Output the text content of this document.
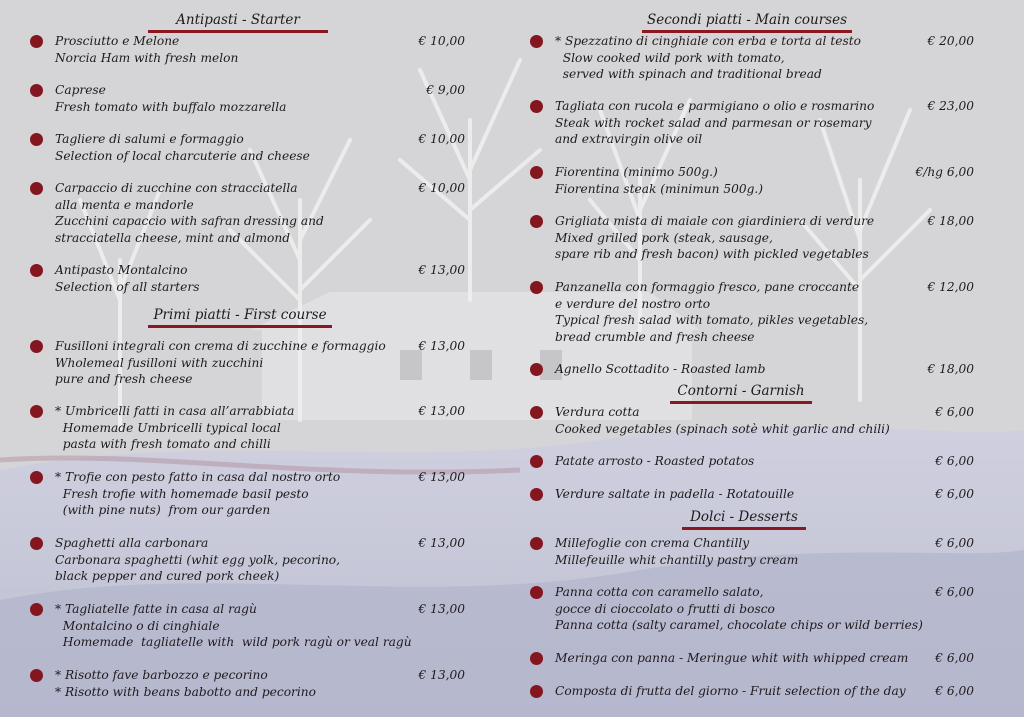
Antipasti - Starter
Prosciutto e Melone
Norcia Ham with fresh melon
€ 10,00
Caprese
Fresh tomato with buffalo mozzarella
€ 9,00
Tagliere di salumi e formaggio
Selection of local charcuterie and cheese
€ 10,00
Carpaccio di zucchine con stracciatella
alla menta e mandorle
Zucchini capaccio with safran dressing and
stracciatella cheese, mint and almond
€ 10,00
Antipasto Montalcino
Selection of all starters
€ 13,00
Primi piatti - First course
Fusilloni integrali con crema di zucchine e formaggio
Wholemeal fusilloni with zucchini
pure and fresh cheese
€ 13,00
* Umbricelli fatti in casa all’arrabbiata
Homemade Umbricelli typical local
pasta with fresh tomato and chilli
€ 13,00
* Trofie con pesto fatto in casa dal nostro orto
Fresh trofie with homemade basil pesto
(with pine nuts)  from our garden
€ 13,00
Spaghetti alla carbonara
Carbonara spaghetti (whit egg yolk, pecorino,
black pepper and cured pork cheek)
€ 13,00
* Tagliatelle fatte in casa al ragù
Montalcino o di cinghiale
Homemade  tagliatelle with  wild pork ragù or veal ragù
€ 13,00
* Risotto fave barbozzo e pecorino
* Risotto with beans babotto and pecorino
€ 13,00
Secondi piatti - Main courses
* Spezzatino di cinghiale con erba e torta al testo
Slow cooked wild pork with tomato,
served with spinach and traditional bread
€ 20,00
Tagliata con rucola e parmigiano o olio e rosmarino
Steak with rocket salad and parmesan or rosemary
and extravirgin olive oil
€ 23,00
Fiorentina (minimo 500g.)
Fiorentina steak (minimun 500g.)
€/hg 6,00
Grigliata mista di maiale con giardiniera di verdure
Mixed grilled pork (steak, sausage,
spare rib and fresh bacon) with pickled vegetables
€ 18,00
Panzanella con formaggio fresco, pane croccante
e verdure del nostro orto
Typical fresh salad with tomato, pikles vegetables,
bread crumble and fresh cheese
€ 12,00
Agnello Scottadito - Roasted lamb	€ 18,00
Contorni - Garnish
Verdura cotta
Cooked vegetables (spinach sotè whit garlic and chili)
€ 6,00
Patate arrosto - Roasted potatos	€ 6,00
Verdure saltate in padella - Rotatouille	€ 6,00
Dolci - Desserts
Millefoglie con crema Chantilly
Millefeuille whit chantilly pastry cream
€ 6,00
Panna cotta con caramello salato,
gocce di cioccolato o frutti di bosco
Panna cotta (salty caramel, chocolate chips or wild berries)
€ 6,00
Meringa con panna - Meringue whit with whipped cream	€ 6,00
Composta di frutta del giorno - Fruit selection of the day	€ 6,00
